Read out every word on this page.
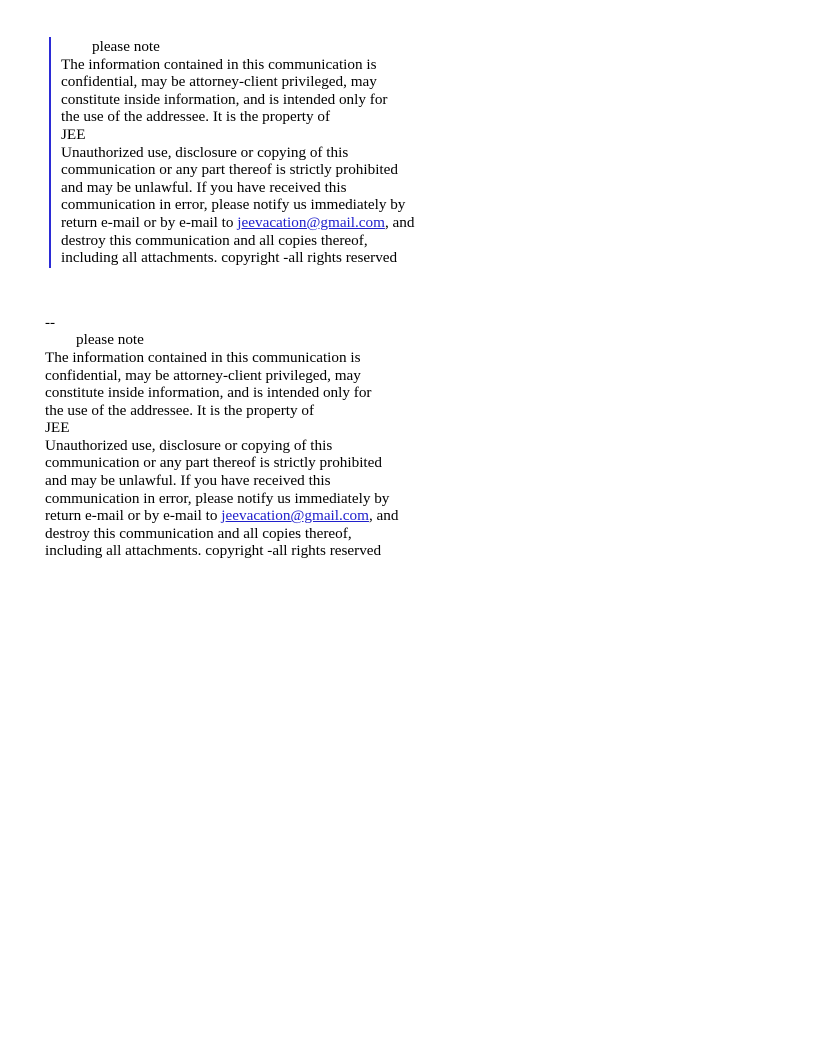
please note
The information contained in this communication is
confidential, may be attorney-client privileged, may
constitute inside information, and is intended only for
the use of the addressee. It is the property of
JEE
Unauthorized use, disclosure or copying of this
communication or any part thereof is strictly prohibited
and may be unlawful. If you have received this
communication in error, please notify us immediately by
return e-mail or by e-mail to jeevacation@gmail.com, and
destroy this communication and all copies thereof,
including all attachments. copyright -all rights reserved
--
please note
The information contained in this communication is
confidential, may be attorney-client privileged, may
constitute inside information, and is intended only for
the use of the addressee. It is the property of
JEE
Unauthorized use, disclosure or copying of this
communication or any part thereof is strictly prohibited
and may be unlawful. If you have received this
communication in error, please notify us immediately by
return e-mail or by e-mail to jeevacation@gmail.com, and
destroy this communication and all copies thereof,
including all attachments. copyright -all rights reserved
